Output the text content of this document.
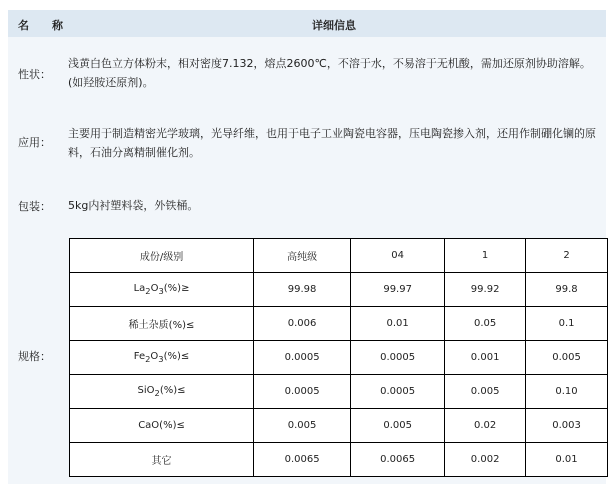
名　称	详细信息
性状：
浅黄白色立方体粉末，相对密度7.132，熔点2600℃，不溶于水，不易溶于无机酸，需加还原剂协助溶解。(如羟胺还原剂)。
应用：
主要用于制造精密光学玻璃，光导纤维，也用于电子工业陶瓷电容器，压电陶瓷掺入剂，还用作制硼化镧的原料，石油分离精制催化剂。
包装： 5kg内衬塑料袋，外铁桶。
规格：
成份/级别	高纯级	04	1	2
$La_2O_3(\%)\ge$	99.98	99.97	99.92	99.8
稀土杂质(%)≤	0.006	0.01	0.05	0.1
$Fe_2O_3(\%)\le$	0.0005	0.0005	0.001	0.005
SiO$_2$(%)≤	0.0005	0.0005	0.005	0.10
CaO(%)≤	0.005	0.005	0.02	0.003
其它	0.0065	0.0065	0.002	0.01
